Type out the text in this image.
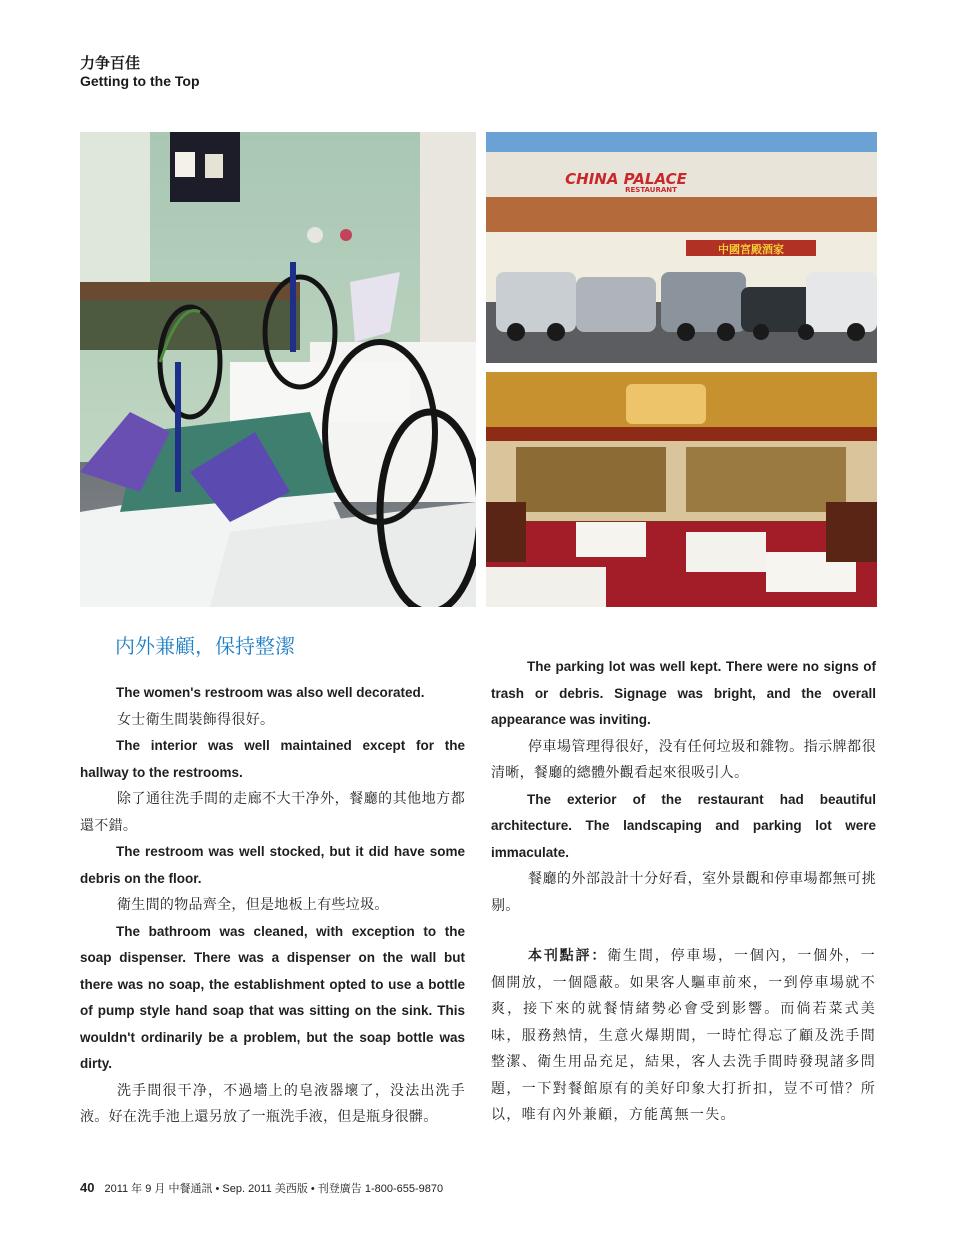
力争百佳
Getting to the Top
中國宮殿酒家
CHINA PALACE
RESTAURANT
内外兼顧，保持整潔

The women's restroom was also well decorated.

女士衛生間裝飾得很好。

The interior was well maintained except for the hallway to the restrooms.

除了通往洗手間的走廊不大干净外，餐廳的其他地方都還不錯。

The restroom was well stocked, but it did have some debris on the floor.

衛生間的物品齊全，但是地板上有些垃圾。

The bathroom was cleaned, with exception to the soap dispenser. There was a dispenser on the wall but there was no soap, the establishment opted to use a bottle of pump style hand soap that was sitting on the sink. This wouldn't ordinarily be a problem, but the soap bottle was dirty.

洗手間很干净，不過墻上的皂液器壞了，没法出洗手液。好在洗手池上還另放了一瓶洗手液，但是瓶身很髒。

The parking lot was well kept. There were no signs of trash or debris. Signage was bright, and the overall appearance was inviting.

停車場管理得很好，没有任何垃圾和雜物。指示牌都很清晰，餐廳的總體外觀看起來很吸引人。

The exterior of the restaurant had beautiful architecture. The landscaping and parking lot were immaculate.

餐廳的外部設計十分好看，室外景觀和停車場都無可挑剔。

本刊點評：衛生間，停車場，一個內，一個外，一個開放，一個隱蔽。如果客人驅車前來，一到停車場就不爽，接下來的就餐情緒勢必會受到影響。而倘若菜式美味，服務熱情，生意火爆期間，一時忙得忘了顧及洗手間整潔、衛生用品充足，結果，客人去洗手間時發現諸多問題，一下對餐館原有的美好印象大打折扣，豈不可惜？所以，唯有內外兼顧，方能萬無一失。

40 2011 年 9 月 中餐通訊 • Sep. 2011 美西版 • 刊登廣告 1-800-655-9870
